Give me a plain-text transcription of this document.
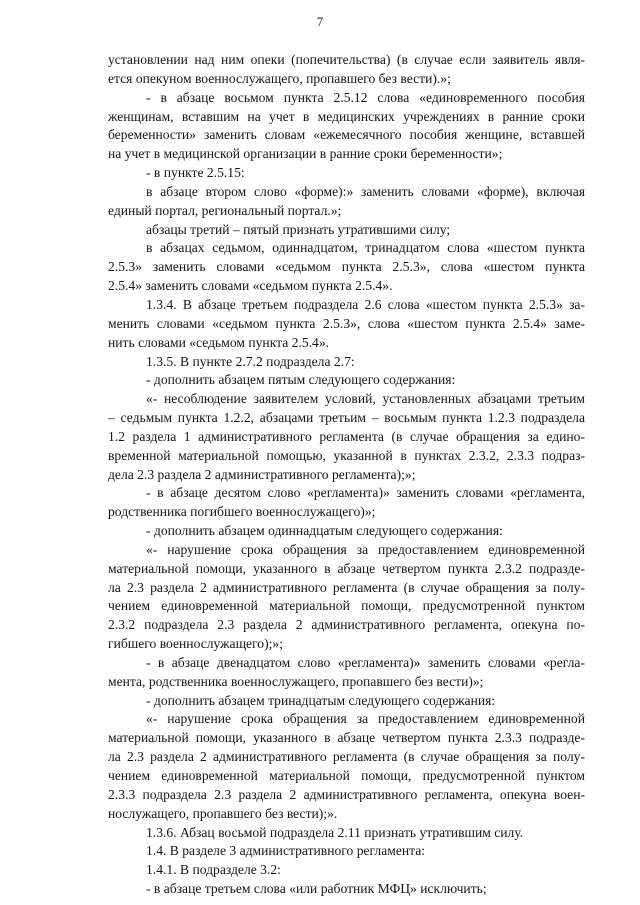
7
установлении над ним опеки (попечительства) (в случае если заявитель явля-
ется опекуном военнослужащего, пропавшего без вести).»;
- в абзаце восьмом пункта 2.5.12 слова «единовременного пособия
женщинам, вставшим на учет в медицинских учреждениях в ранние сроки
беременности» заменить словам «ежемесячного пособия женщине, вставшей
на учет в медицинской организации в ранние сроки беременности»;
- в пункте 2.5.15:
в абзаце втором слово «форме):» заменить словами «форме), включая
единый портал, региональный портал.»;
абзацы третий – пятый признать утратившими силу;
в абзацах седьмом, одиннадцатом, тринадцатом слова «шестом пункта
2.5.3» заменить словами «седьмом пункта 2.5.3», слова «шестом пункта
2.5.4» заменить словами «седьмом пункта 2.5.4».
1.3.4. В абзаце третьем подраздела 2.6 слова «шестом пункта 2.5.3» за-
менить словами «седьмом пункта 2.5.3», слова «шестом пункта 2.5.4» заме-
нить словами «седьмом пункта 2.5.4».
1.3.5. В пункте 2.7.2 подраздела 2.7:
- дополнить абзацем пятым следующего содержания:
«- несоблюдение заявителем условий, установленных абзацами третьим
– седьмым пункта 1.2.2, абзацами третьим – восьмым пункта 1.2.3 подраздела
1.2 раздела 1 административного регламента (в случае обращения за едино-
временной материальной помощью, указанной в пунктах 2.3.2, 2.3.3 подраз-
дела 2.3 раздела 2 административного регламента);»;
- в абзаце десятом слово «регламента)» заменить словами «регламента,
родственника погибшего военнослужащего)»;
- дополнить абзацем одиннадцатым следующего содержания:
«- нарушение срока обращения за предоставлением единовременной
материальной помощи, указанного в абзаце четвертом пункта 2.3.2 подразде-
ла 2.3 раздела 2 административного регламента (в случае обращения за полу-
чением единовременной материальной помощи, предусмотренной пунктом
2.3.2 подраздела 2.3 раздела 2 административного регламента, опекуна по-
гибшего военнослужащего);»;
- в абзаце двенадцатом слово «регламента)» заменить словами «регла-
мента, родственника военнослужащего, пропавшего без вести)»;
- дополнить абзацем тринадцатым следующего содержания:
«- нарушение срока обращения за предоставлением единовременной
материальной помощи, указанного в абзаце четвертом пункта 2.3.3 подразде-
ла 2.3 раздела 2 административного регламента (в случае обращения за полу-
чением единовременной материальной помощи, предусмотренной пунктом
2.3.3 подраздела 2.3 раздела 2 административного регламента, опекуна воен-
нослужащего, пропавшего без вести);».
1.3.6. Абзац восьмой подраздела 2.11 признать утратившим силу.
1.4. В разделе 3 административного регламента:
1.4.1. В подразделе 3.2:
- в абзаце третьем слова «или работник МФЦ» исключить;
